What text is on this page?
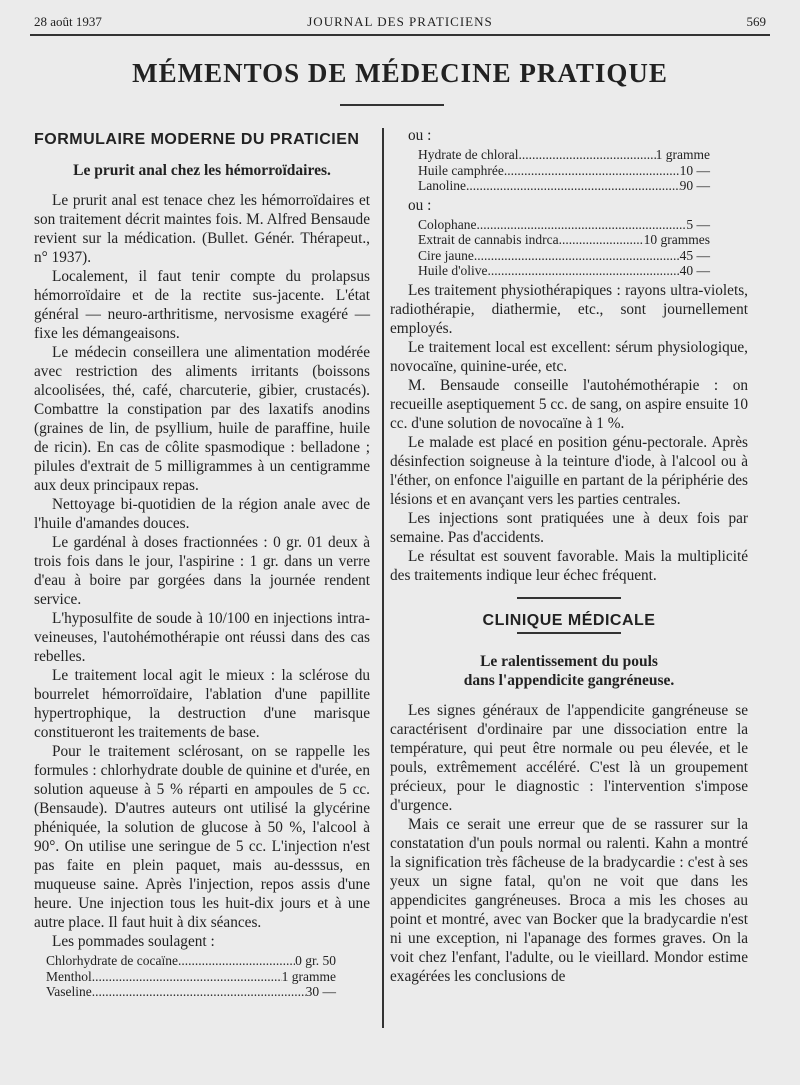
28 août 1937	JOURNAL DES PRATICIENS	569
MÉMENTOS DE MÉDECINE PRATIQUE
FORMULAIRE MODERNE DU PRATICIEN
Le prurit anal chez les hémorroïdaires.

Le prurit anal est tenace chez les hémorroïdaires et son traitement décrit maintes fois. M. Alfred Bensaude revient sur la médication. (Bullet. Génér. Thérapeut., n° 1937).

Localement, il faut tenir compte du prolapsus hémorroïdaire et de la rectite sus-jacente. L'état général — neuro-arthritisme, nervosisme exagéré — fixe les démangeaisons.

Le médecin conseillera une alimentation modérée avec restriction des aliments irritants (boissons alcoolisées, thé, café, charcuterie, gibier, crustacés). Combattre la constipation par des laxatifs anodins (graines de lin, de psyllium, huile de paraffine, huile de ricin). En cas de côlite spasmodique : belladone ; pilules d'extrait de 5 milligrammes à un centigramme aux deux principaux repas.

Nettoyage bi-quotidien de la région anale avec de l'huile d'amandes douces.

Le gardénal à doses fractionnées : 0 gr. 01 deux à trois fois dans le jour, l'aspirine : 1 gr. dans un verre d'eau à boire par gorgées dans la journée rendent service.

L'hyposulfite de soude à 10/100 en injections intra-veineuses, l'autohémothérapie ont réussi dans des cas rebelles.

Le traitement local agit le mieux : la sclérose du bourrelet hémorroïdaire, l'ablation d'une papillite hypertrophique, la destruction d'une marisque constitueront les traitements de base.

Pour le traitement sclérosant, on se rappelle les formules : chlorhydrate double de quinine et d'urée, en solution aqueuse à 5 % réparti en ampoules de 5 cc. (Bensaude). D'autres auteurs ont utilisé la glycérine phéniquée, la solution de glucose à 50 %, l'alcool à 90°. On utilise une seringue de 5 cc. L'injection n'est pas faite en plein paquet, mais au-desssus, en muqueuse saine. Après l'injection, repos assis d'une heure. Une injection tous les huit-dix jours et à une autre place. Il faut huit à dix séances.

Les pommades soulagent :

Chlorhydrate de cocaïne .....	0 gr. 50
Menthol .....	1 gramme
Vaseline .....	30 —

ou :

Hydrate de chloral .....	1 gramme
Huile camphrée .....	10 —
Lanoline .....	90 —

ou :

Colophane .....	5 —
Extrait de cannabis indrca .....	10 grammes
Cire jaune .....	45 —
Huile d'olive .....	40 —

Les traitement physiothérapiques : rayons ultra-violets, radiothérapie, diathermie, etc., sont journellement employés.

Le traitement local est excellent: sérum physiologique, novocaïne, quinine-urée, etc.

M. Bensaude conseille l'autohémothérapie : on recueille aseptiquement 5 cc. de sang, on aspire ensuite 10 cc. d'une solution de novocaïne à 1 %.

Le malade est placé en position génu-pectorale. Après désinfection soigneuse à la teinture d'iode, à l'alcool ou à l'éther, on enfonce l'aiguille en partant de la périphérie des lésions et en avançant vers les parties centrales.

Les injections sont pratiquées une à deux fois par semaine. Pas d'accidents.

Le résultat est souvent favorable. Mais la multiplicité des traitements indique leur échec fréquent.

CLINIQUE MÉDICALE
Le ralentissement du pouls
dans l'appendicite gangréneuse.

Les signes généraux de l'appendicite gangréneuse se caractérisent d'ordinaire par une dissociation entre la température, qui peut être normale ou peu élevée, et le pouls, extrêmement accéléré. C'est là un groupement précieux, pour le diagnostic : l'intervention s'impose d'urgence.

Mais ce serait une erreur que de se rassurer sur la constatation d'un pouls normal ou ralenti. Kahn a montré la signification très fâcheuse de la bradycardie : c'est à ses yeux un signe fatal, qu'on ne voit que dans les appendicites gangréneuses. Broca a mis les choses au point et montré, avec van Bocker que la bradycardie n'est ni une exception, ni l'apanage des formes graves. On la voit chez l'enfant, l'adulte, ou le vieillard. Mondor estime exagérées les conclusions de
